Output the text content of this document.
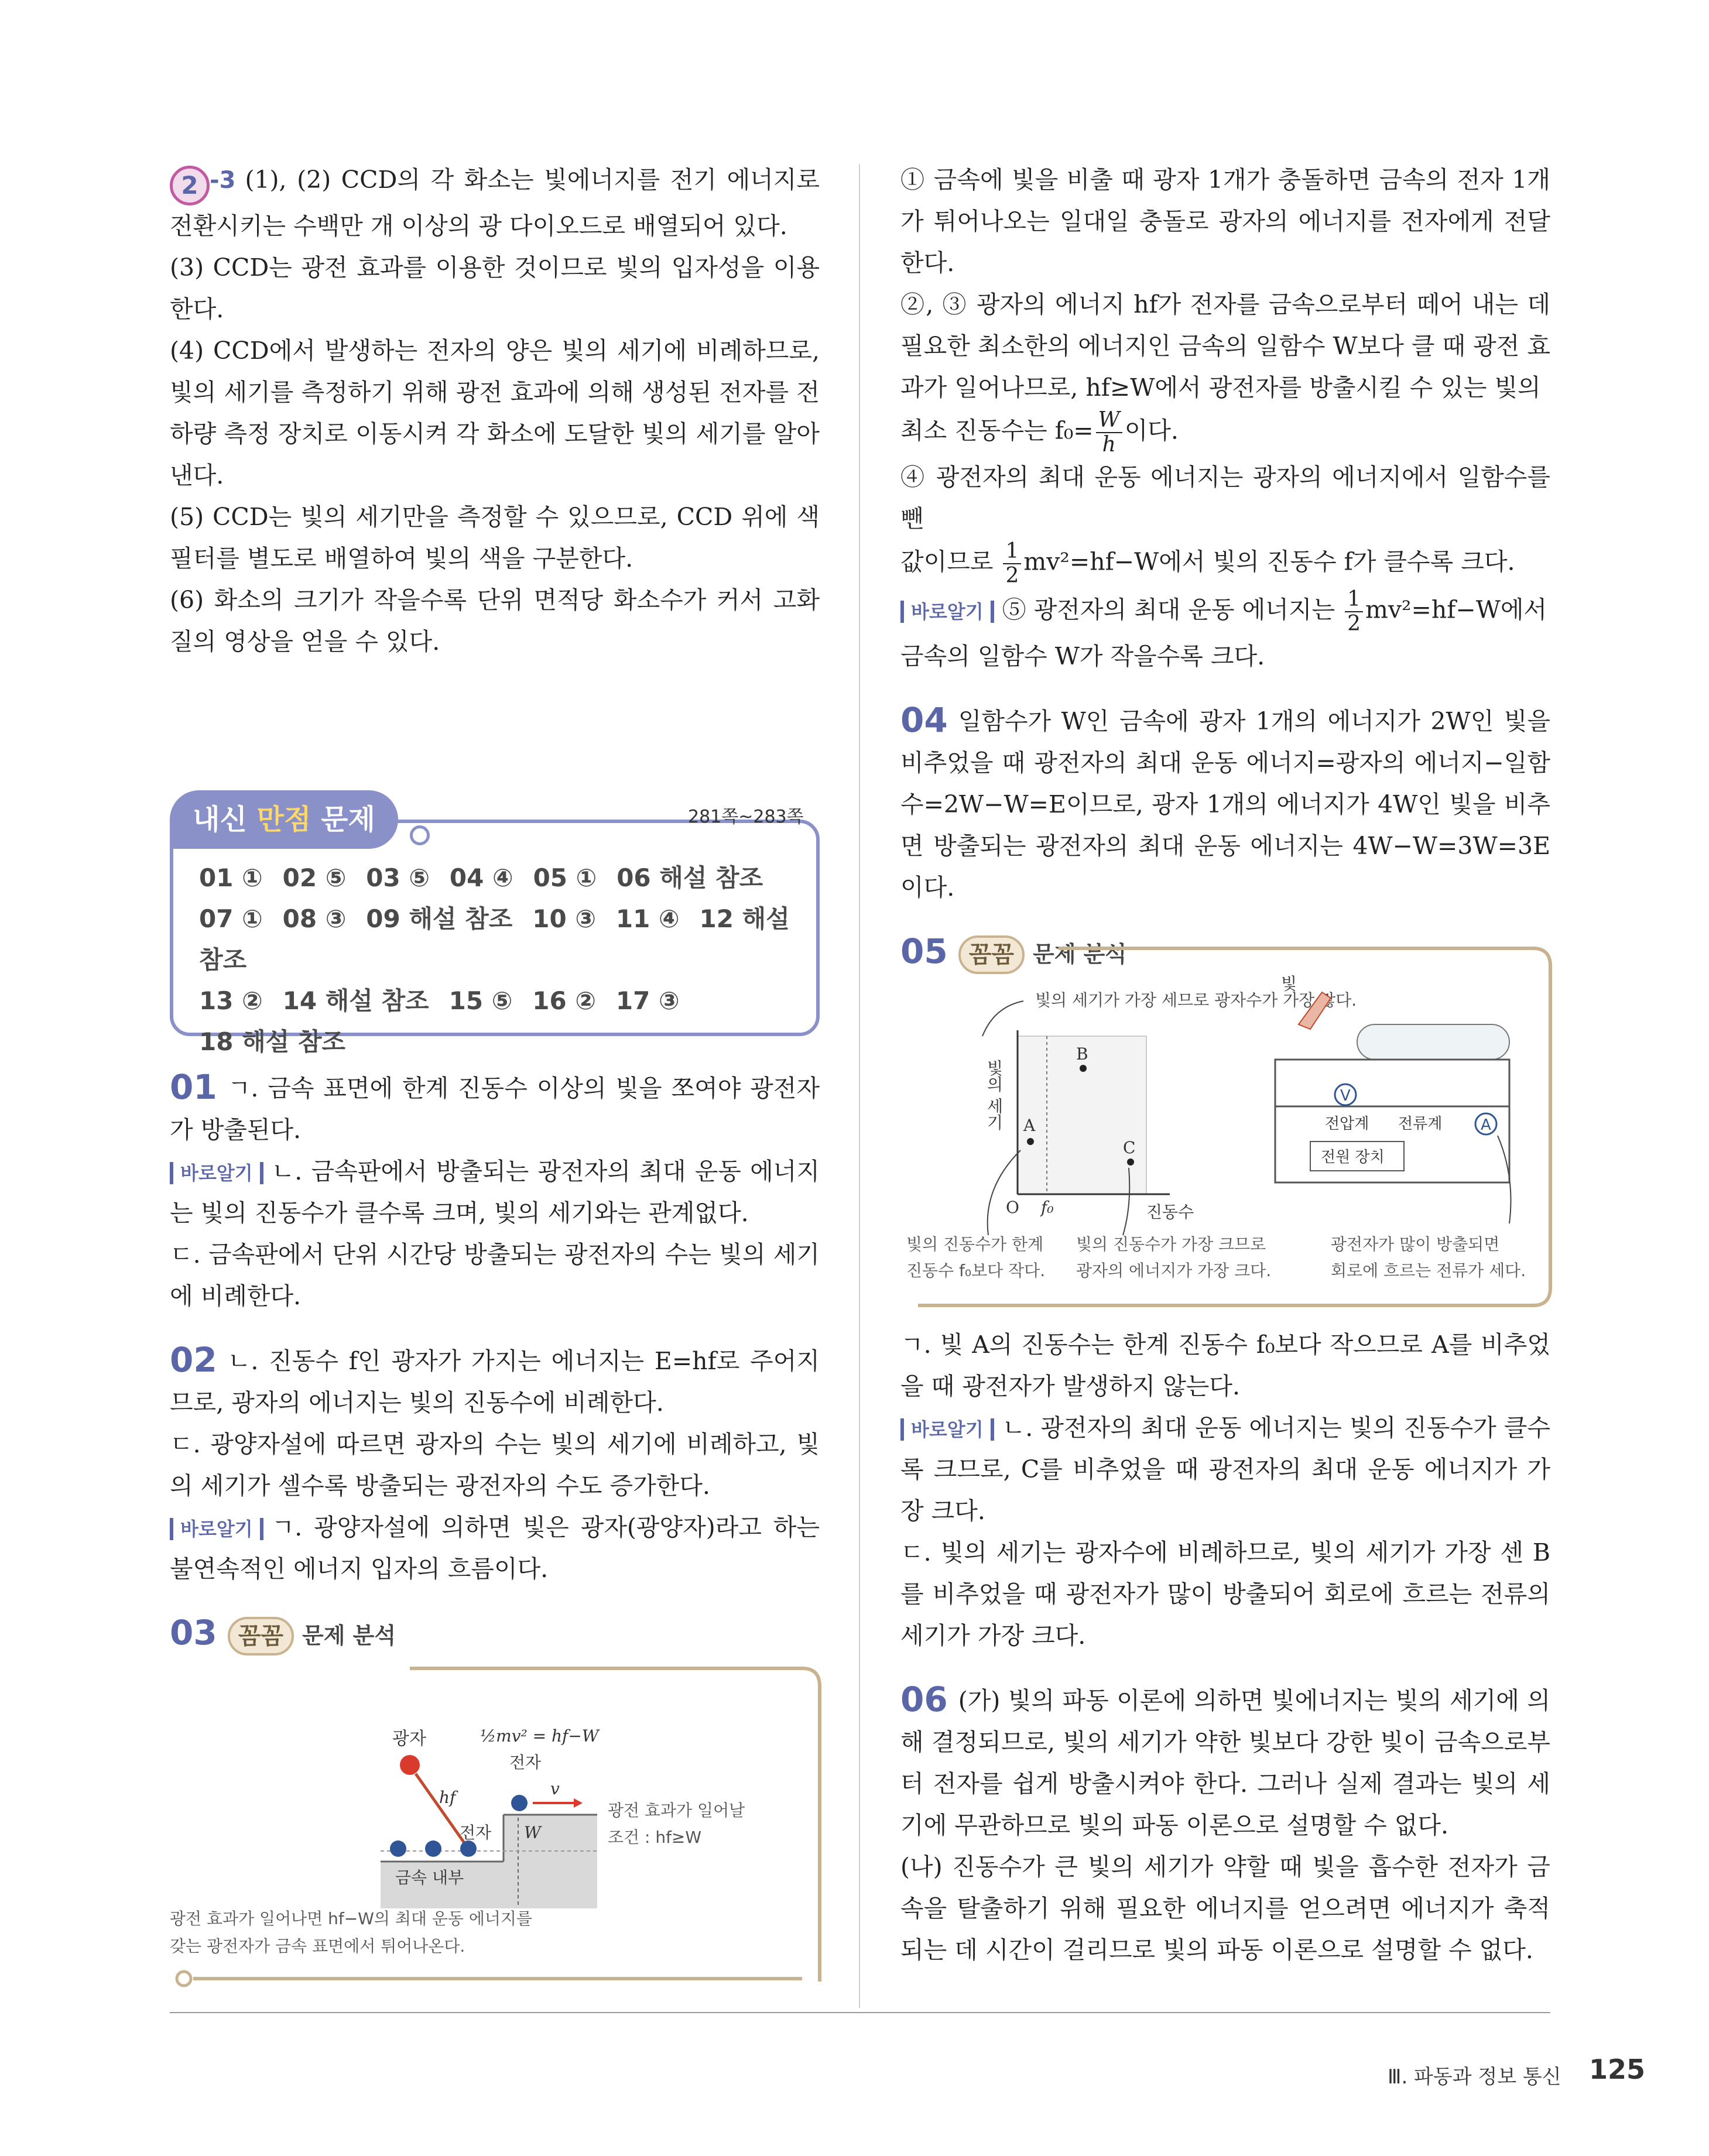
2 -3 (1), (2) CCD의 각 화소는 빛에너지를 전기 에너지로 전환시키는 수백만 개 이상의 광 다이오드로 배열되어 있다.

(3) CCD는 광전 효과를 이용한 것이므로 빛의 입자성을 이용한다.

(4) CCD에서 발생하는 전자의 양은 빛의 세기에 비례하므로, 빛의 세기를 측정하기 위해 광전 효과에 의해 생성된 전자를 전하량 측정 장치로 이동시켜 각 화소에 도달한 빛의 세기를 알아낸다.

(5) CCD는 빛의 세기만을 측정할 수 있으므로, CCD 위에 색 필터를 별도로 배열하여 빛의 색을 구분한다.

(6) 화소의 크기가 작을수록 단위 면적당 화소수가 커서 고화질의 영상을 얻을 수 있다.

내신 만점 문제	281쪽~283쪽
01 ① 02 ⑤ 03 ⑤ 04 ④ 05 ① 06 해설 참조
07 ① 08 ③ 09 해설 참조 10 ③ 11 ④ 12 해설 참조
13 ② 14 해설 참조 15 ⑤ 16 ② 17 ③
18 해설 참조

01 ㄱ. 금속 표면에 한계 진동수 이상의 빛을 쪼여야 광전자가 방출된다.

바로알기 ㄴ. 금속판에서 방출되는 광전자의 최대 운동 에너지는 빛의 진동수가 클수록 크며, 빛의 세기와는 관계없다.

ㄷ. 금속판에서 단위 시간당 방출되는 광전자의 수는 빛의 세기에 비례한다.

02 ㄴ. 진동수 f인 광자가 가지는 에너지는 E=hf로 주어지므로, 광자의 에너지는 빛의 진동수에 비례한다.

ㄷ. 광양자설에 따르면 광자의 수는 빛의 세기에 비례하고, 빛의 세기가 셀수록 방출되는 광전자의 수도 증가한다.

바로알기 ㄱ. 광양자설에 의하면 빛은 광자(광양자)라고 하는 불연속적인 에너지 입자의 흐름이다.

03 꼼꼼 문제 분석

광자	½mv² = hf−W
전자
v
hf
전자 W
금속 내부
광전 효과가 일어날
조건 : hf≥W
광전 효과가 일어나면 hf−W의 최대 운동 에너지를
갖는 광전자가 금속 표면에서 튀어나온다.

① 금속에 빛을 비출 때 광자 1개가 충돌하면 금속의 전자 1개가 튀어나오는 일대일 충돌로 광자의 에너지를 전자에게 전달한다.

②, ③ 광자의 에너지 hf가 전자를 금속으로부터 떼어 내는 데 필요한 최소한의 에너지인 금속의 일함수 W보다 클 때 광전 효과가 일어나므로, hf≥W에서 광전자를 방출시킬 수 있는 빛의

최소 진동수는 $f_0= \frac{W}{h}$ 이다.

④ 광전자의 최대 운동 에너지는 광자의 에너지에서 일함수를 뺀

값이므로 $\frac{1}{2} mv^2=hf-W$에서 빛의 진동수 f가 클수록 크다.

바로알기 ⑤ 광전자의 최대 운동 에너지는 $\frac{1}{2} mv^2=hf-W$에서

금속의 일함수 W가 작을수록 크다.

04 일함수가 W인 금속에 광자 1개의 에너지가 2W인 빛을 비추었을 때 광전자의 최대 운동 에너지=광자의 에너지−일함수=2W−W=E이므로, 광자 1개의 에너지가 4W인 빛을 비추면 방출되는 광전자의 최대 운동 에너지는 4W−W=3W=3E이다.

05 꼼꼼 문제 분석

빛의 세기가 가장 세므로 광자수가 가장 많다.
빛의 세기
진동수
O f₀
A
B
C
빛
V
전압계	A
전류계
전원 장치
빛의 진동수가 한계
진동수 f₀보다 작다.
빛의 진동수가 가장 크므로
광자의 에너지가 가장 크다.
광전자가 많이 방출되면
회로에 흐르는 전류가 세다.

ㄱ. 빛 A의 진동수는 한계 진동수 f₀보다 작으므로 A를 비추었을 때 광전자가 발생하지 않는다.

바로알기 ㄴ. 광전자의 최대 운동 에너지는 빛의 진동수가 클수록 크므로, C를 비추었을 때 광전자의 최대 운동 에너지가 가장 크다.

ㄷ. 빛의 세기는 광자수에 비례하므로, 빛의 세기가 가장 센 B를 비추었을 때 광전자가 많이 방출되어 회로에 흐르는 전류의 세기가 가장 크다.

06 (가) 빛의 파동 이론에 의하면 빛에너지는 빛의 세기에 의해 결정되므로, 빛의 세기가 약한 빛보다 강한 빛이 금속으로부터 전자를 쉽게 방출시켜야 한다. 그러나 실제 결과는 빛의 세기에 무관하므로 빛의 파동 이론으로 설명할 수 없다.

(나) 진동수가 큰 빛의 세기가 약할 때 빛을 흡수한 전자가 금속을 탈출하기 위해 필요한 에너지를 얻으려면 에너지가 축적되는 데 시간이 걸리므로 빛의 파동 이론으로 설명할 수 없다.

Ⅲ. 파동과 정보 통신 125
